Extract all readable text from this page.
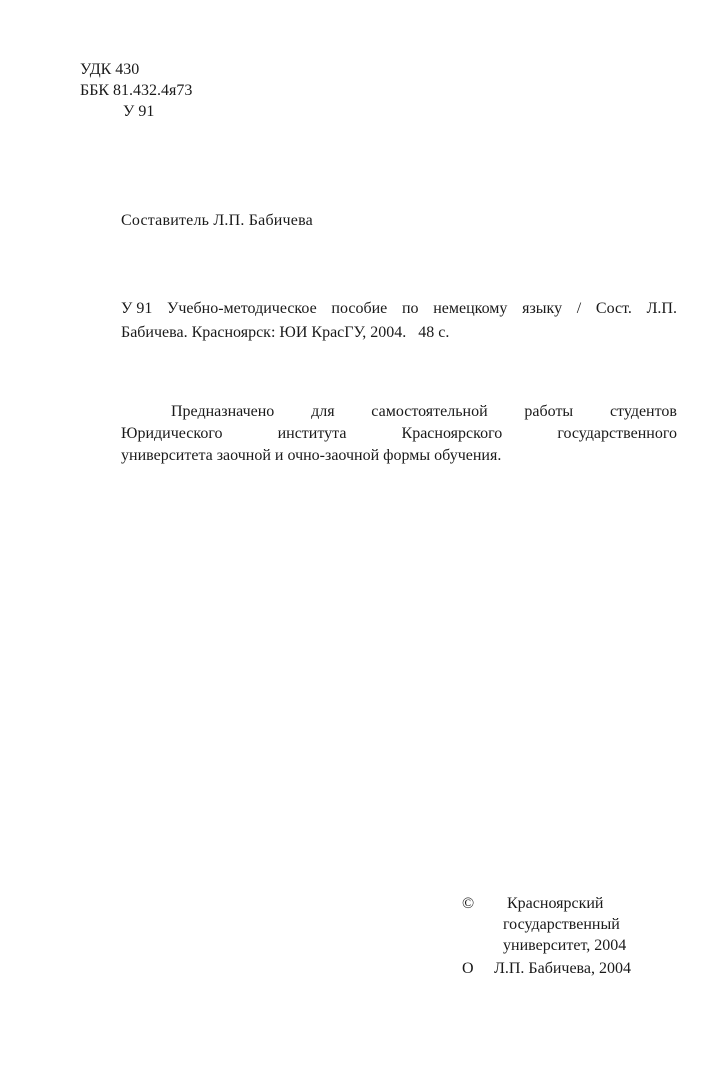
УДК 430
ББК 81.432.4я73
У 91
Составитель Л.П. Бабичева
У 91 Учебно-методическое пособие по немецкому языку / Сост. Л.П.
Бабичева. Красноярск: ЮИ КрасГУ, 2004.   48 с.
Предназначено для самостоятельной работы студентов
Юридического	института	Красноярского	государственного
университета заочной и очно-заочной формы обучения.
© Красноярский
государственный
университет, 2004
О Л.П. Бабичева, 2004
